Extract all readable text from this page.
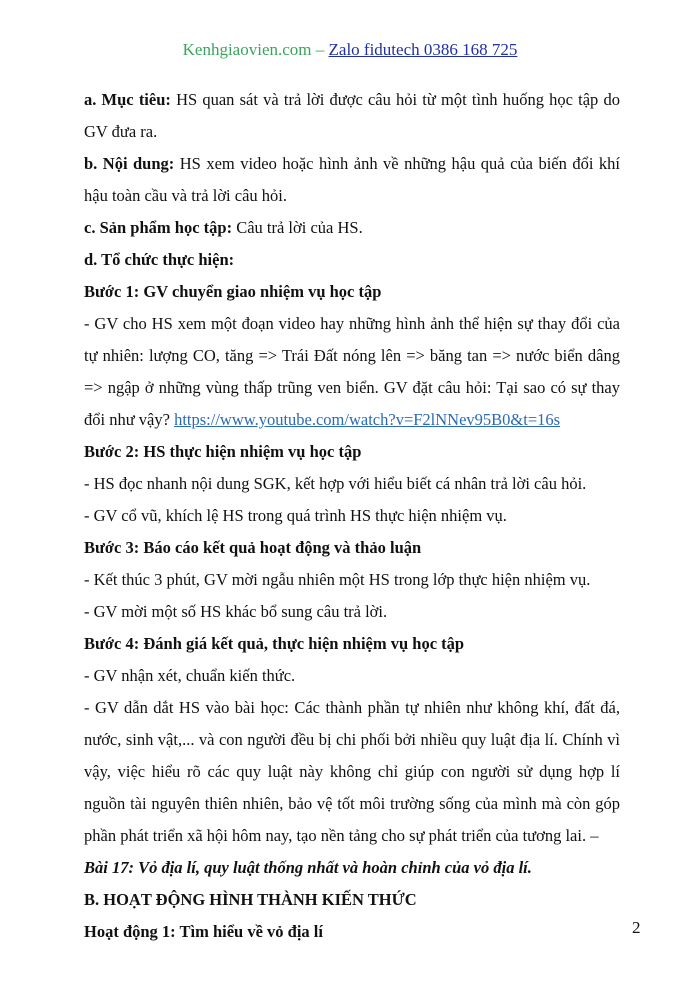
Kenhgiaovien.com – Zalo fidutech 0386 168 725
a. Mục tiêu: HS quan sát và trả lời được câu hỏi từ một tình huống học tập do
GV đưa ra.
b. Nội dung: HS xem video hoặc hình ảnh về những hậu quả của biến đổi khí
hậu toàn cầu và trả lời câu hỏi.
c. Sản phẩm học tập: Câu trả lời của HS.
d. Tổ chức thực hiện:
Bước 1: GV chuyển giao nhiệm vụ học tập
- GV cho HS xem một đoạn video hay những hình ảnh thể hiện sự thay đổi của
tự nhiên: lượng CO, tăng => Trái Đất nóng lên => băng tan => nước biển dâng
=> ngập ở những vùng thấp trũng ven biển. GV đặt câu hỏi: Tại sao có sự thay
đổi như vậy? https://www.youtube.com/watch?v=F2lNNev95B0&t=16s
Bước 2: HS thực hiện nhiệm vụ học tập
- HS đọc nhanh nội dung SGK, kết hợp với hiểu biết cá nhân trả lời câu hỏi.
- GV cổ vũ, khích lệ HS trong quá trình HS thực hiện nhiệm vụ.
Bước 3: Báo cáo kết quả hoạt động và thảo luận
- Kết thúc 3 phút, GV mời ngẫu nhiên một HS trong lớp thực hiện nhiệm vụ.
- GV mời một số HS khác bổ sung câu trả lời.
Bước 4: Đánh giá kết quả, thực hiện nhiệm vụ học tập
- GV nhận xét, chuẩn kiến thức.
- GV dẫn dắt HS vào bài học: Các thành phần tự nhiên như không khí, đất đá,
nước, sinh vật,... và con người đều bị chi phối bởi nhiều quy luật địa lí. Chính vì
vậy, việc hiểu rõ các quy luật này không chỉ giúp con người sử dụng hợp lí
nguồn tài nguyên thiên nhiên, bảo vệ tốt môi trường sống của mình mà còn góp
phần phát triển xã hội hôm nay, tạo nền tảng cho sự phát triển của tương lai. –
Bài 17: Vỏ địa lí, quy luật thống nhất và hoàn chỉnh của vỏ địa lí.
B. HOẠT ĐỘNG HÌNH THÀNH KIẾN THỨC
Hoạt động 1: Tìm hiểu về vỏ địa lí	2
